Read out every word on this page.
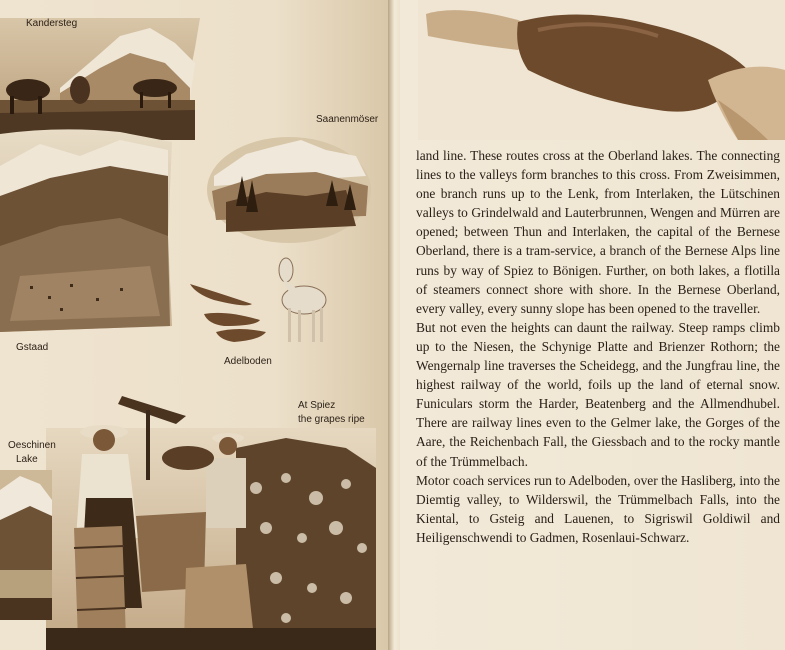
Kandersteg
Gstaad
Saanenmöser
Adelboden
At Spiez
the grapes ripe
Oeschinen
Lake

land line. These routes cross at the Oberland lakes. The connecting lines to the valleys form branches to this cross. From Zweisimmen, one branch runs up to the Lenk, from Interlaken, the Lütschinen valleys to Grindelwald and Lauterbrunnen, Wengen and Mürren are opened; between Thun and Interlaken, the capital of the Bernese Oberland, there is a tram-service, a branch of the Bernese Alps line runs by way of Spiez to Bönigen. Further, on both lakes, a flotilla of steamers connect shore with shore. In the Bernese Oberland, every valley, every sunny slope has been opened to the traveller.

But not even the heights can daunt the railway. Steep ramps climb up to the Niesen, the Schynige Platte and Brienzer Rothorn; the Wengernalp line traverses the Scheidegg, and the Jungfrau line, the highest railway of the world, foils up the land of eternal snow. Funiculars storm the Harder, Beatenberg and the Allmendhubel. There are railway lines even to the Gelmer lake, the Gorges of the Aare, the Reichenbach Fall, the Giessbach and to the rocky mantle of the Trümmelbach.

Motor coach services run to Adelboden, over the Hasliberg, into the Diemtig valley, to Wilderswil, the Trümmelbach Falls, into the Kiental, to Gsteig and Lauenen, to Sigriswil Goldiwil and Heiligenschwendi to Gadmen, Rosenlaui-Schwarz.
